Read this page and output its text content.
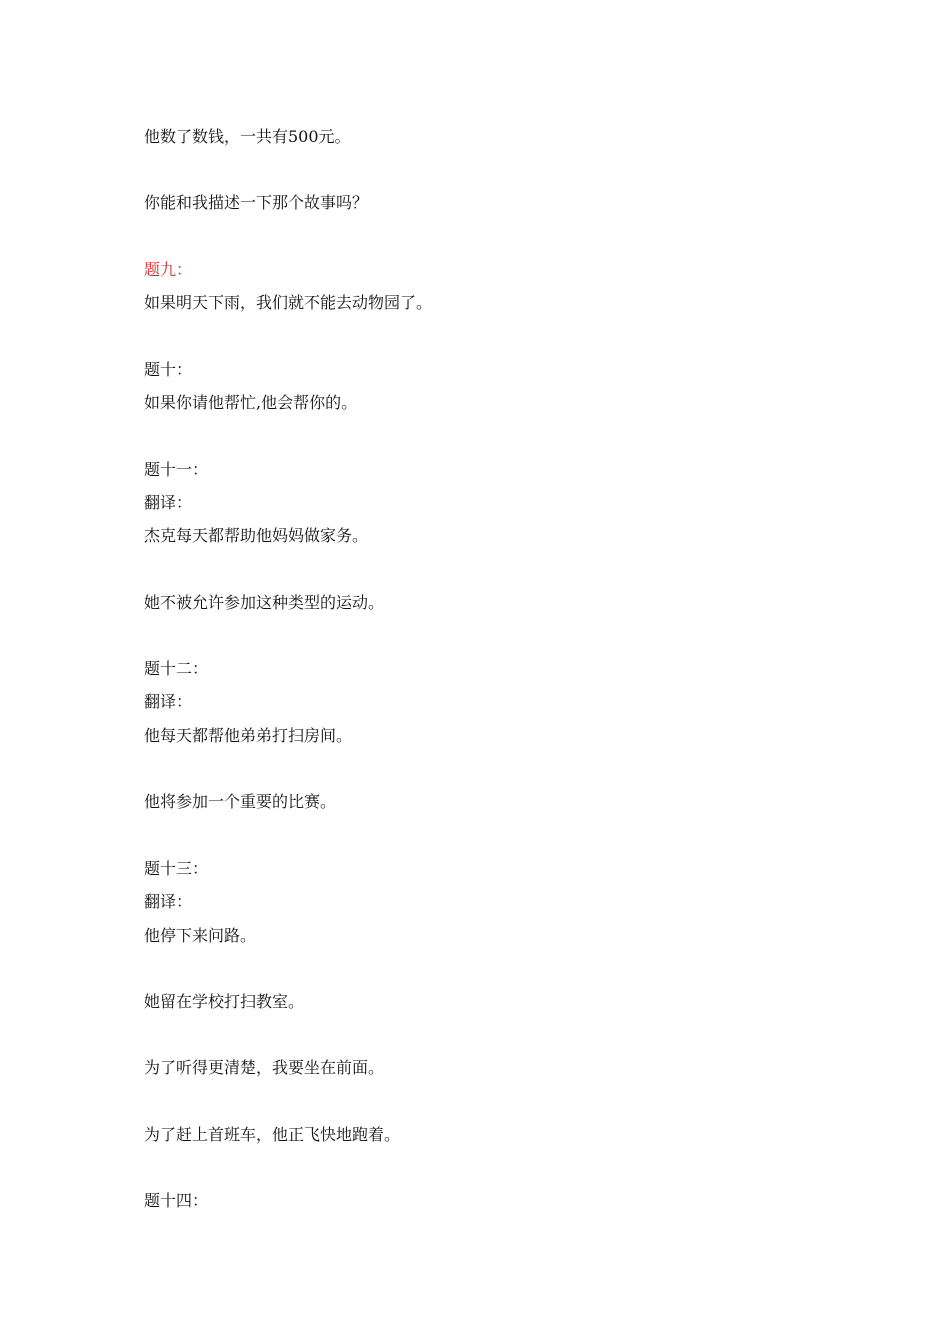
他数了数钱，一共有500元。
你能和我描述一下那个故事吗？
题九：
如果明天下雨，我们就不能去动物园了。
题十：
如果你请他帮忙,他会帮你的。
题十一：
翻译：
杰克每天都帮助他妈妈做家务。
她不被允许参加这种类型的运动。
题十二：
翻译：
他每天都帮他弟弟打扫房间。
他将参加一个重要的比赛。
题十三：
翻译：
他停下来问路。
她留在学校打扫教室。
为了听得更清楚，我要坐在前面。
为了赶上首班车，他正飞快地跑着。
题十四：
